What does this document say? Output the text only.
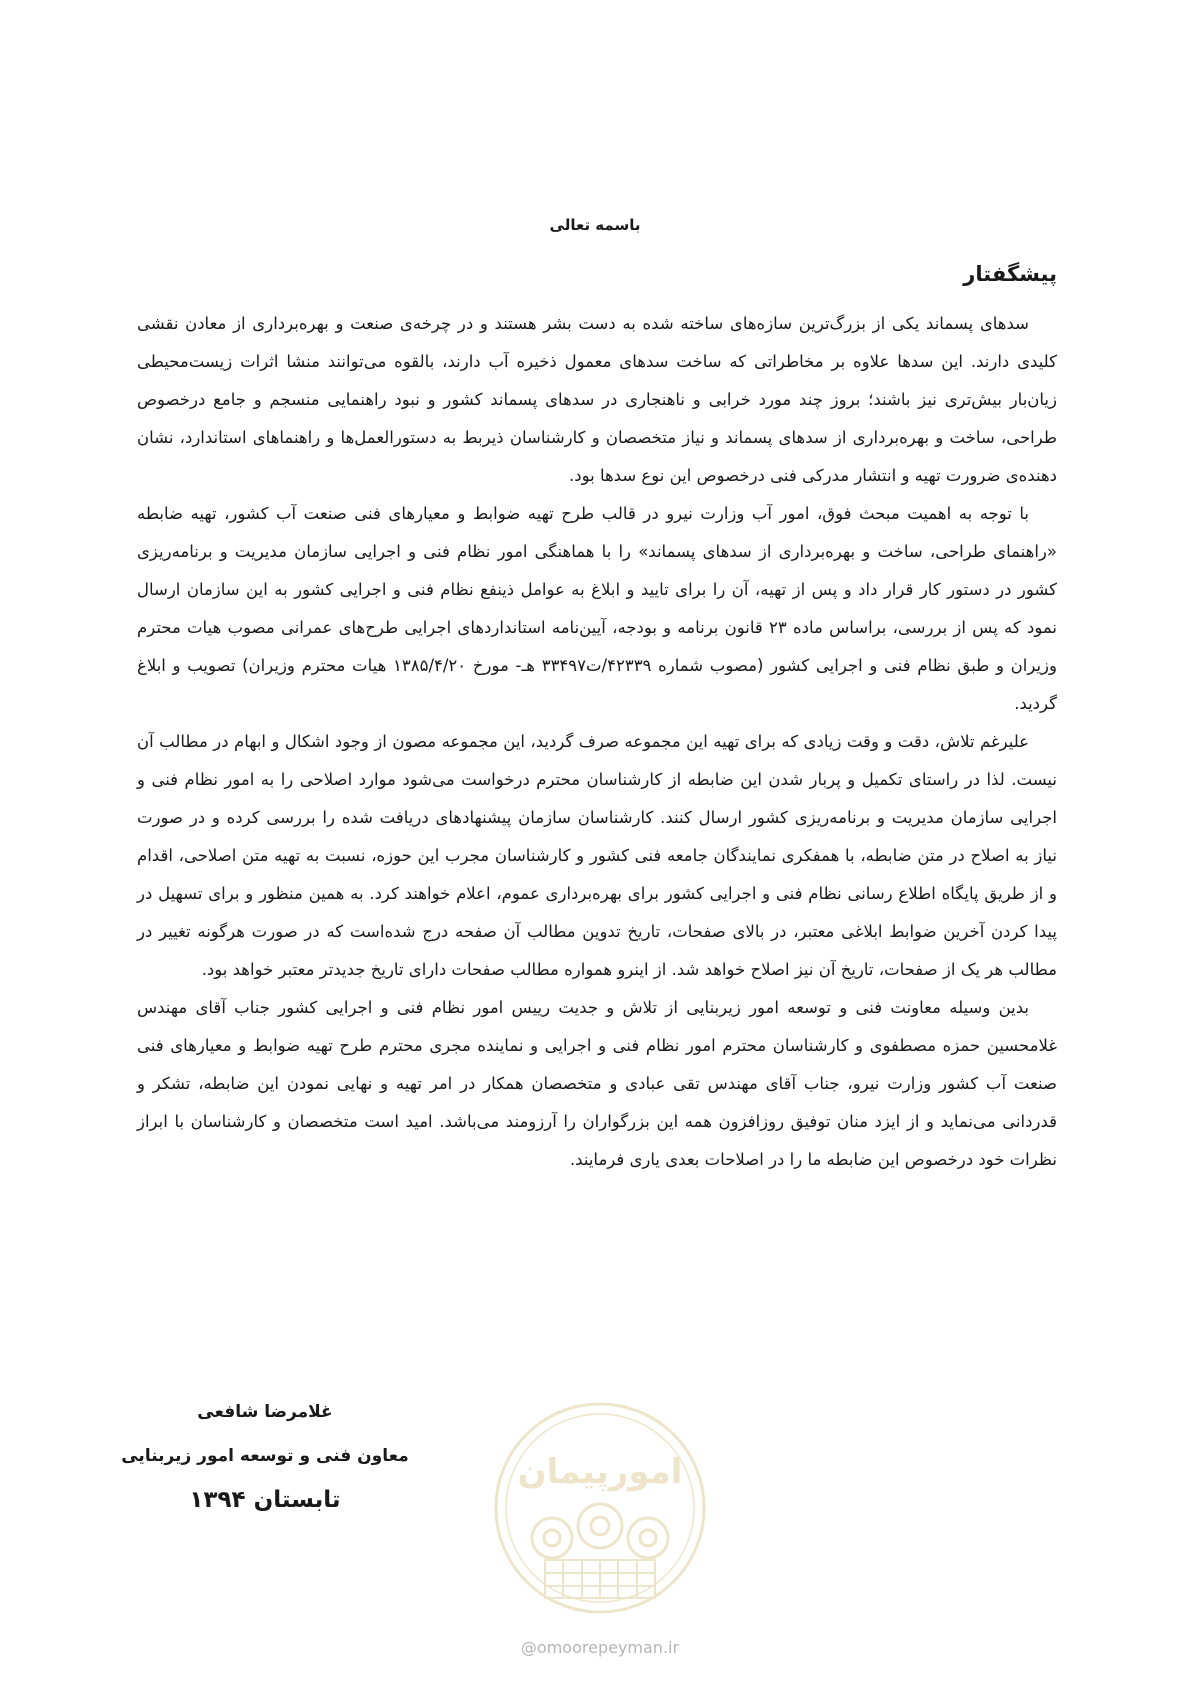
باسمه تعالی
پیشگفتار

سدهای پسماند یکی از بزرگ‌ترین سازه‌های ساخته شده به دست بشر هستند و در چرخه‌ی صنعت و بهره‌برداری از معادن نقشی کلیدی دارند. این سدها علاوه بر مخاطراتی که ساخت سدهای معمول ذخیره آب دارند، بالقوه می‌توانند منشا اثرات زیست‌محیطی زیان‌بار بیش‌تری نیز باشند؛ بروز چند مورد خرابی و ناهنجاری در سدهای پسماند کشور و نبود راهنمایی منسجم و جامع درخصوص طراحی، ساخت و بهره‌برداری از سدهای پسماند و نیاز متخصصان و کارشناسان ذیربط به دستورالعمل‌ها و راهنماهای استاندارد، نشان دهنده‌ی ضرورت تهیه و انتشار مدرکی فنی درخصوص این نوع سدها بود.

با توجه به اهمیت مبحث فوق، امور آب وزارت نیرو در قالب طرح تهیه ضوابط و معیارهای فنی صنعت آب کشور، تهیه ضابطه «راهنمای طراحی، ساخت و بهره‌برداری از سدهای پسماند» را با هماهنگی امور نظام فنی و اجرایی سازمان مدیریت و برنامه‌ریزی کشور در دستور کار قرار داد و پس از تهیه، آن را برای تایید و ابلاغ به عوامل ذینفع نظام فنی و اجرایی کشور به این سازمان ارسال نمود که پس از بررسی، براساس ماده ۲۳ قانون برنامه و بودجه، آیین‌نامه استانداردهای اجرایی طرح‌های عمرانی مصوب هیات محترم وزیران و طبق نظام فنی و اجرایی کشور (مصوب شماره ۴۲۳۳۹/ت۳۳۴۹۷ هـ- مورخ ۱۳۸۵/۴/۲۰ هیات محترم وزیران) تصویب و ابلاغ گردید.

علیرغم تلاش، دقت و وقت زیادی که برای تهیه این مجموعه صرف گردید، این مجموعه مصون از وجود اشکال و ابهام در مطالب آن نیست. لذا در راستای تکمیل و پربار شدن این ضابطه از کارشناسان محترم درخواست می‌شود موارد اصلاحی را به امور نظام فنی و اجرایی سازمان مدیریت و برنامه‌ریزی کشور ارسال کنند. کارشناسان سازمان پیشنهادهای دریافت شده را بررسی کرده و در صورت نیاز به اصلاح در متن ضابطه، با همفکری نمایندگان جامعه فنی کشور و کارشناسان مجرب این حوزه، نسبت به تهیه متن اصلاحی، اقدام و از طریق پایگاه اطلاع رسانی نظام فنی و اجرایی کشور برای بهره‌برداری عموم، اعلام خواهند کرد. به همین منظور و برای تسهیل در پیدا کردن آخرین ضوابط ابلاغی معتبر، در بالای صفحات، تاریخ تدوین مطالب آن صفحه درج شده‌است که در صورت هرگونه تغییر در مطالب هر یک از صفحات، تاریخ آن نیز اصلاح خواهد شد. از اینرو همواره مطالب صفحات دارای تاریخ جدیدتر معتبر خواهد بود.

بدین وسیله معاونت فنی و توسعه امور زیربنایی از تلاش و جدیت رییس امور نظام فنی و اجرایی کشور جناب آقای مهندس غلامحسین حمزه مصطفوی و کارشناسان محترم امور نظام فنی و اجرایی و نماینده مجری محترم طرح تهیه ضوابط و معیارهای فنی صنعت آب کشور وزارت نیرو، جناب آقای مهندس تقی عبادی و متخصصان همکار در امر تهیه و نهایی نمودن این ضابطه، تشکر و قدردانی می‌نماید و از ایزد منان توفیق روزافزون همه این بزرگواران را آرزومند می‌باشد. امید است متخصصان و کارشناسان با ابراز نظرات خود درخصوص این ضابطه ما را در اصلاحات بعدی یاری فرمایند.

غلامرضا شافعی
معاون فنی و توسعه امور زیربنایی
تابستان ۱۳۹۴
امورپیمان
@omoorepeyman.ir
